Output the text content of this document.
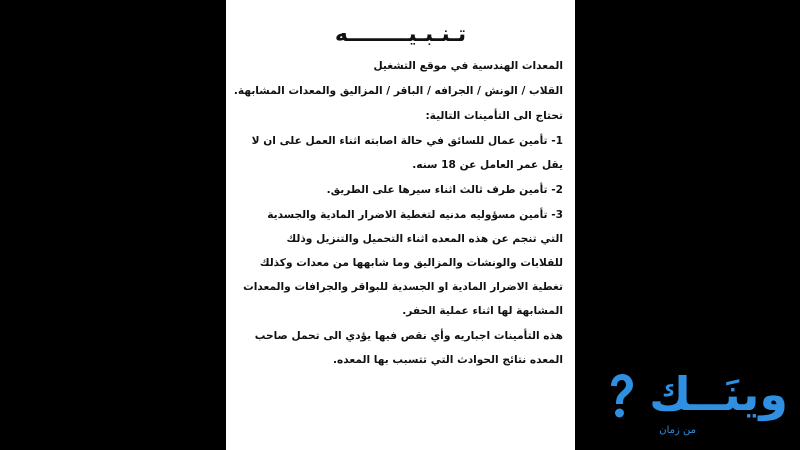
تـنـبـيــــــــه
المعدات الهندسية في موقع التشغيل
القلاب / الونش / الجرافه / الباقر / المزاليق والمعدات المشابهة.
تحتاج الى التأمينات التالية:
1- تأمين عمال للسائق في حالة اصابته اثناء العمل على ان لا
يقل عمر العامل عن 18 سنه.
2- تأمين طرف ثالث اثناء سيرها على الطريق.
3- تأمين مسؤوليه مدنيه لتغطية الاضرار المادية والجسدية
التي تنجم عن هذه المعده اثناء التحميل والتنزيل وذلك
للقلابات والونشات والمزاليق وما شابهها من معدات وكذلك
تغطية الاضرار المادية او الجسدية للبواقر والجرافات والمعدات
المشابهة لها اثناء عملية الحفر.
هذه التأمينات اجباريه وأي نقص فيها يؤدي الى تحمل صاحب
المعده نتائج الحوادث التي تتسبب بها المعده.
وينَــك
من زمان
